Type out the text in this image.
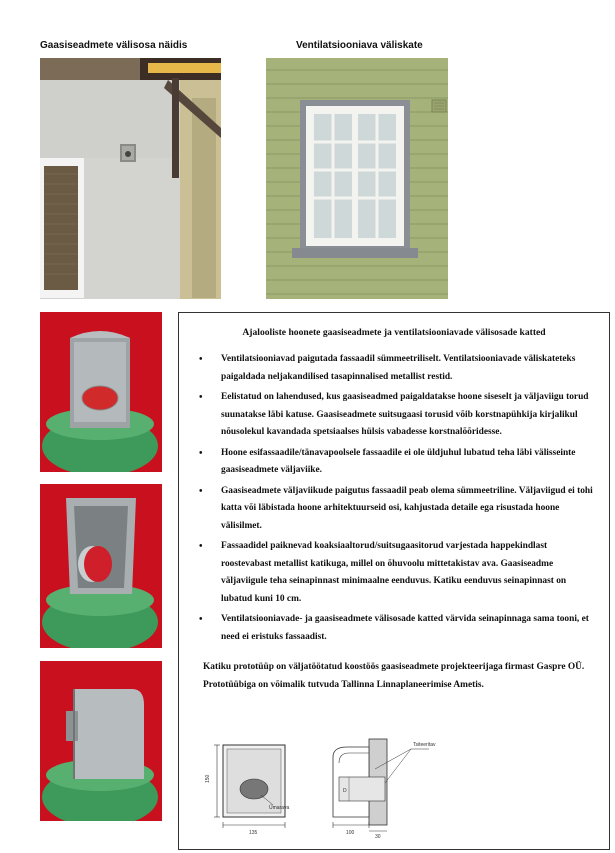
Gaasiseadmete välisosa näidis	Ventilatsiooniava väliskate
Ajalooliste hoonete gaasiseadmete ja ventilatsiooniavade välisosade katted
• Ventilatsiooniavad paigutada fassaadil sümmeetriliselt. Ventilatsiooniavade väliskateteks paigaldada neljakandilised tasapinnalised metallist restid.
• Eelistatud on lahendused, kus gaasiseadmed paigaldatakse hoone siseselt ja väljaviigu torud suunatakse läbi katuse. Gaasiseadmete suitsugaasi torusid võib korstnapühkija kirjalikul nõusolekul kavandada spetsiaalses hülsis vabadesse korstnalõõridesse.
• Hoone esifassaadile/tänavapoolsele fassaadile ei ole üldjuhul lubatud teha läbi välisseinte gaasiseadmete väljaviike.
• Gaasiseadmete väljaviikude paigutus fassaadil peab olema sümmeetriline. Väljaviigud ei tohi katta või läbistada hoone arhitektuurseid osi, kahjustada detaile ega risustada hoone välisilmet.
• Fassaadidel paiknevad koaksiaaltorud/suitsugaasitorud varjestada happekindlast roostevabast metallist katikuga, millel on õhuvoolu mittetakistav ava. Gaasiseadme väljaviigule teha seinapinnast minimaalne eenduvus. Katiku eenduvus seinapinnast on lubatud kuni 10 cm.
• Ventilatsiooniavade- ja gaasiseadmete välisosade katted värvida seinapinnaga sama tooni, et need ei eristuks fassaadist.
Katiku prototüüp on väljatöötatud koostöös gaasiseadmete projekteerijaga firmast Gaspre OÜ. Prototüübiga on võimalik tutvuda Tallinna Linnaplaneerimise Ametis.
Ümarava
150
135
D
Tsiteeritav
100
30
